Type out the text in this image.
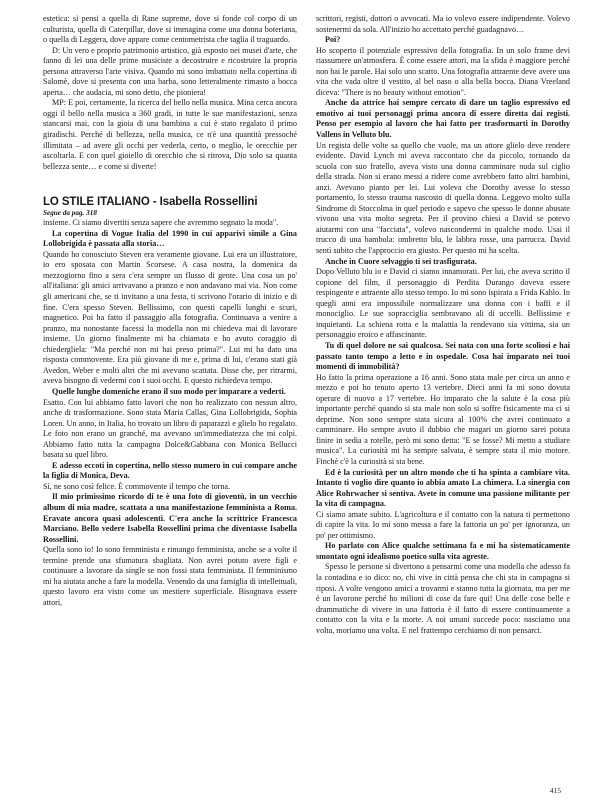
estetica: si pensi a quella di Rane supreme, dove si fonde col corpo di un culturista, quella di Caterpillar, dove si immagina come una donna boteriana, o quella di Leggera, dove appare come centometrista che taglia il traguardo.

D: Un vero e proprio patrimonio artistico, già esposto nei musei d'arte, che fanno di lei una delle prime musiciste a decostruire e ricostruire la propria persona attraverso l'arte visiva. Quando mi sono imbattuto nella copertina di Salomè, dove si presenta con una barba, sono letteralmente rimasto a bocca aperta… che audacia, mi sono detto, che pioniera!

MP: E poi, certamente, la ricerca del bello nella musica. Mina cerca ancora oggi il bello nella musica a 360 gradi, in tutte le sue manifestazioni, senza stancarsi mai, con la gioia di una bambina a cui è stato regalato il primo giradischi. Perché di bellezza, nella musica, ce n'è una quantità pressoché illimitata – ad avere gli occhi per vederla, certo, o meglio, le orecchie per ascoltarla. E con quel gioiello di orecchio che si ritrova, Dio solo sa quanta bellezza sente… e come si diverte!

LO STILE ITALIANO - Isabella Rossellini

Segue da pag. 318

insieme. Ci siamo divertiti senza sapere che avremmo segnato la moda".

La copertina di Vogue Italia del 1990 in cui apparivi simile a Gina Lollobrigida è passata alla storia…

Quando ho conosciuto Steven era veramente giovane. Lui era un illustratore, io ero sposata con Martin Scorsese. A casa nostra, la domenica da mezzogiorno fino a sera c'era sempre un flusso di gente. Una cosa un po' all'italiana: gli amici arrivavano a pranzo e non andavano mai via. Non come gli americani che, se ti invitano a una festa, ti scrivono l'orario di inizio e di fine. C'era spesso Steven. Bellissimo, con questi capelli lunghi e scuri, magnetico. Poi ha fatto il passaggio alla fotografia. Continuava a venire a pranzo, ma nonostante facessi la modella non mi chiedeva mai di lavorare insieme. Un giorno finalmente mi ha chiamata e ho avuto coraggio di chiedergliela: "Ma perché non mi hai preso prima?". Lui mi ha dato una risposta commovente. Era più giovane di me e, prima di lui, c'erano stati già Avedon, Weber e molti altri che mi avevano scattata. Disse che, per ritrarmi, aveva bisogno di vedermi con i suoi occhi. E questo richiedeva tempo.

Quelle lunghe domeniche erano il suo modo per imparare a vederti.

Esatto. Con lui abbiamo fatto lavori che non ho realizzato con nessun altro, anche di trasformazione. Sono stata Maria Callas, Gina Lollobrigida, Sophia Loren. Un anno, in Italia, ho trovato un libro di paparazzi e glielo ho regalato. Le foto non erano un granché, ma avevano un'immediatezza che mi colpì. Abbiamo fatto tutta la campagna Dolce&Gabbana con Monica Bellucci basata su quel libro.

E adesso eccoti in copertina, nello stesso numero in cui compare anche la figlia di Monica, Deva.

Sì, ne sono così felice. È commovente il tempo che torna.

Il mio primissimo ricordo di te è una foto di gioventù, in un vecchio album di mia madre, scattata a una manifestazione femminista a Roma. Eravate ancora quasi adolescenti. C'era anche la scrittrice Francesca Marciano. Bello vedere Isabella Rossellini prima che diventasse Isabella Rossellini.

Quella sono io! Io sono femminista e rimango femminista, anche se a volte il termine prende una sfumatura sbagliata. Non avrei potuto avere figli e continuare a lavorare da single se non fossi stata femminista. Il femminismo mi ha aiutata anche a fare la modella. Venendo da una famiglia di intellettuali, questo lavoro era visto come un mestiere superficiale. Bisognava essere attori,

scrittori, registi, dottori o avvocati. Ma io volevo essere indipendente. Volevo sostenermi da sola. All'inizio ho accettato perché guadagnavo…

Poi?

Ho scoperto il potenziale espressivo della fotografia. In un solo frame devi riassumere un'atmosfera. È come essere attori, ma la sfida è maggiore perché non hai le parole. Hai solo uno scatto. Una fotografia attraente deve avere una vita che vada oltre il vestito, al bel naso o alla bella bocca. Diana Vreeland diceva: "There is no beauty without emotion".

Anche da attrice hai sempre cercato di dare un taglio espressivo ed emotivo ai tuoi personaggi prima ancora di essere diretta dai registi. Penso per esempio al lavoro che hai fatto per trasformarti in Dorothy Vallens in Velluto blu.

Un regista delle volte sa quello che vuole, ma un attore glielo deve rendere evidente. David Lynch mi aveva raccontato che da piccolo, tornando da scuola con suo fratello, aveva visto una donna camminare nuda sul ciglio della strada. Non si erano messi a ridere come avrebbero fatto altri bambini, anzi. Avevano pianto per lei. Lui voleva che Dorothy avesse lo stesso portamento, lo stesso trauma nascosto di quella donna. Leggevo molto sulla Sindrome di Stoccolma in quel periodo e sapevo che spesso le donne abusate vivono una vita molto segreta. Per il provino chiesi a David se potevo aiutarmi con una "facciata", volevo nascondermi in qualche modo. Usai il trucco di una bambola: ombretto blu, le labbra rosse, una parrucca. David sentì subito che l'approccio era giusto. Per questo mi ha scelta.

Anche in Cuore selvaggio ti sei trasfigurata.

Dopo Velluto blu io e David ci siamo innamorati. Per lui, che aveva scritto il copione del film, il personaggio di Perdita Durango doveva essere respingente e attraente allo stesso tempo. Io mi sono ispirata a Frida Kahlo. In quegli anni era impossibile normalizzare una donna con i baffi e il monociglio. Le sue sopracciglia sembravano ali di uccelli. Bellissime e inquietanti. La schiena rotta e la malattia la rendevano sia vittima, sia un personaggio eroico e affascinante.

Tu di quel dolore ne sai qualcosa. Sei nata con una forte scoliosi e hai passato tanto tempo a letto e in ospedale. Cosa hai imparato nei tuoi momenti di immobilità?

Ho fatto la prima operazione a 16 anni. Sono stata male per circa un anno e mezzo e poi ho tenuto aperto 13 vertebre. Dieci anni fa mi sono dovuta operare di nuovo a 17 vertebre. Ho imparato che la salute è la cosa più importante perché quando si sta male non solo si soffre fisicamente ma ci si deprime. Non sono sempre stata sicura al 100% che avrei continuato a camminare. Ho sempre avuto il dubbio che magari un giorno sarei potuta finire in sedia a rotelle, però mi sono detta: "E se fosse? Mi metto a studiare musica". La curiosità mi ha sempre salvata, è sempre stata il mio motore. Finché c'è la curiosità si sta bene.

Ed è la curiosità per un altro mondo che ti ha spinta a cambiare vita. Intanto ti voglio dire quanto io abbia amato La chimera. La sinergia con Alice Rohrwacher si sentiva. Avete in comune una passione militante per la vita di campagna.

Ci siamo amate subito. L'agricoltura e il contatto con la natura ti permettono di capire la vita. Io mi sono messa a fare la fattoria un po' per ignoranza, un po' per ottimismo.

Ho parlato con Alice qualche settimana fa e mi ha sistematicamente smontato ogni idealismo poetico sulla vita agreste.

Spesso le persone si divertono a pensarmi come una modella che adesso fa la contadina e io dico: no, chi vive in città pensa che chi sta in campagna si riposi. A volte vengono amici a trovarmi e stanno tutta la giornata, ma per me è un lavorone perché ho milioni di cose da fare qui! Una delle cose belle e drammatiche di vivere in una fattoria è il fatto di essere continuamente a contatto con la vita e la morte. A noi umani succede poco: nasciamo una volta, moriamo una volta. E nel frattempo cerchiamo di non pensarci.

415
